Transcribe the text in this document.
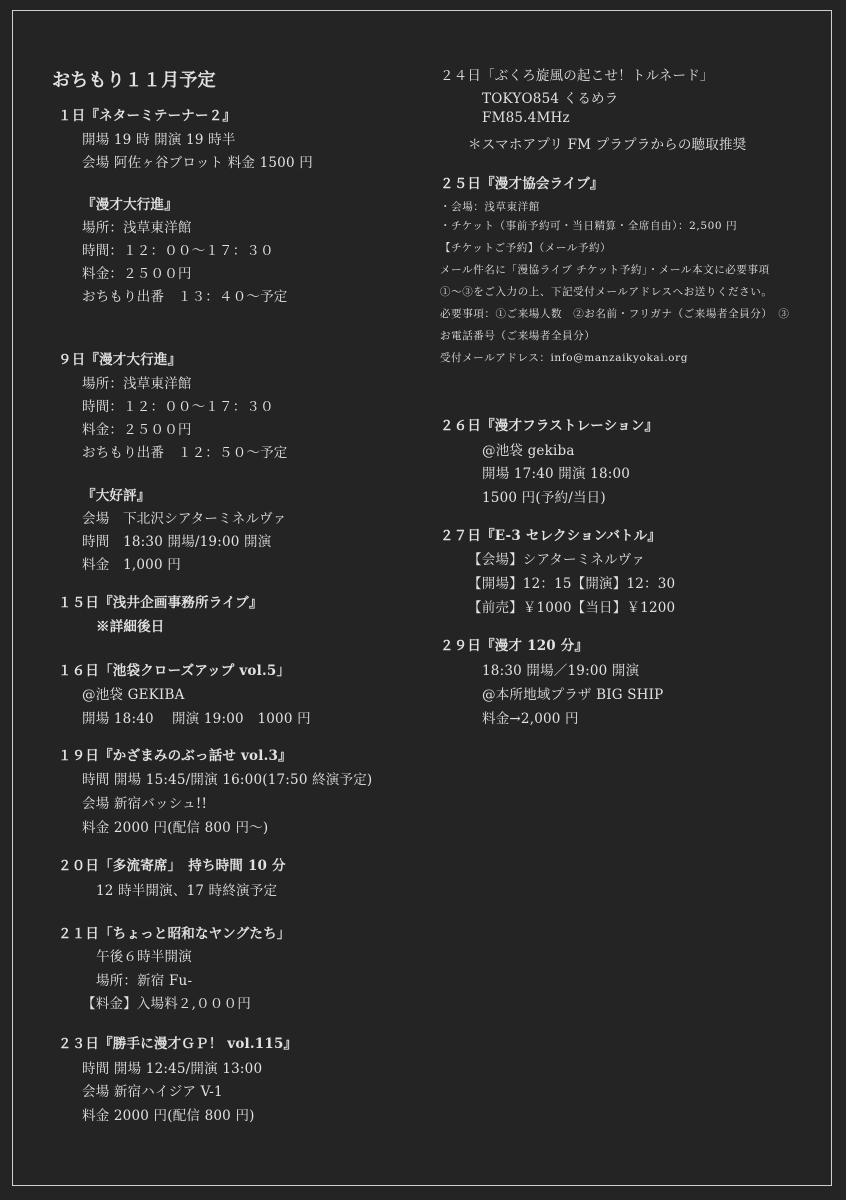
おちもり１１月予定
１日『ネターミテーナー２』
開場 19 時 開演 19 時半
会場 阿佐ヶ谷ブロット 料金 1500 円
『漫才大行進』
場所：浅草東洋館
時間：１２：００〜１７：３０
料金：２５００円
おちもり出番　１３：４０〜予定
９日『漫才大行進』
場所：浅草東洋館
時間：１２：００〜１７：３０
料金：２５００円
おちもり出番　１２：５０〜予定
『大好評』
会場　下北沢シアターミネルヴァ
時間　18:30 開場/19:00 開演
料金　1,000 円
１５日『浅井企画事務所ライブ』
※詳細後日
１６日「池袋クローズアップ vol.5」
@池袋 GEKIBA
開場 18:40　 開演 19:00　1000 円
１９日『かざまみのぶっ話せ vol.3』
時間 開場 15:45/開演 16:00(17:50 終演予定)
会場 新宿バッシュ!!
料金 2000 円(配信 800 円〜)
２０日「多流寄席」　持ち時間 10 分
12 時半開演、17 時終演予定
２１日「ちょっと昭和なヤングたち」
午後６時半開演
場所：新宿 Fu-
【料金】入場料２,０００円
２３日『勝手に漫才ＧＰ！ vol.115』
時間 開場 12:45/開演 13:00
会場 新宿ハイジア V-1
料金 2000 円(配信 800 円)
２４日「ぶくろ旋風の起こせ！トルネード」
TOKYO854 くるめラ
FM85.4MHz
＊スマホアプリ FM プラプラからの聴取推奨
２５日『漫才協会ライブ』
・会場：浅草東洋館
・チケット（事前予約可・当日精算・全席自由）：2,500 円
【チケットご予約】（メール予約）
メール件名に「漫協ライブ チケット予約」・メール本文に必要事項
①〜③をご入力の上、下記受付メールアドレスへお送りください。
必要事項：①ご来場人数　②お名前・フリガナ（ご来場者全員分）　③
お電話番号（ご来場者全員分）
受付メールアドレス：info@manzaikyokai.org
２６日『漫才フラストレーション』
@池袋 gekiba
開場 17:40 開演 18:00
1500 円(予約/当日)
２７日『E-3 セレクションバトル』
【会場】シアターミネルヴァ
【開場】12：15【開演】12：30
【前売】￥1000【当日】￥1200
２９日『漫才 120 分』
18:30 開場／19:00 開演
@本所地域プラザ BIG SHIP
料金→2,000 円
